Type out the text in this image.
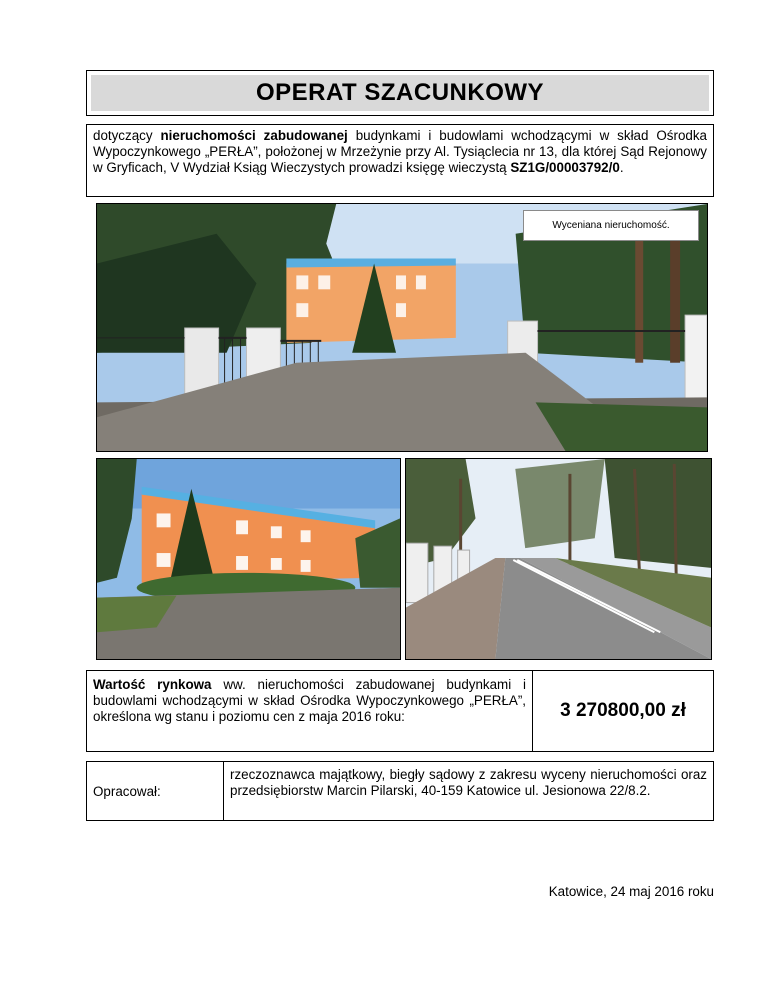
OPERAT SZACUNKOWY
dotyczący nieruchomości zabudowanej budynkami i budowlami wchodzącymi w skład Ośrodka Wypoczynkowego „PERŁA”, położonej w Mrzeżynie przy Al. Tysiąclecia nr 13, dla której Sąd Rejonowy w Gryficach, V Wydział Ksiąg Wieczystych prowadzi księgę wieczystą SZ1G/00003792/0.
Wyceniana nieruchomość.
Wartość rynkowa ww. nieruchomości zabudowanej budynkami i budowlami wchodzącymi w skład Ośrodka Wypoczynkowego „PERŁA”, określona wg stanu i poziomu cen z maja 2016 roku:	3 270800,00 zł
Opracował:
rzeczoznawca majątkowy, biegły sądowy z zakresu wyceny nieruchomości oraz przedsiębiorstw Marcin Pilarski, 40-159 Katowice ul. Jesionowa 22/8.2.
Katowice, 24 maj 2016 roku
